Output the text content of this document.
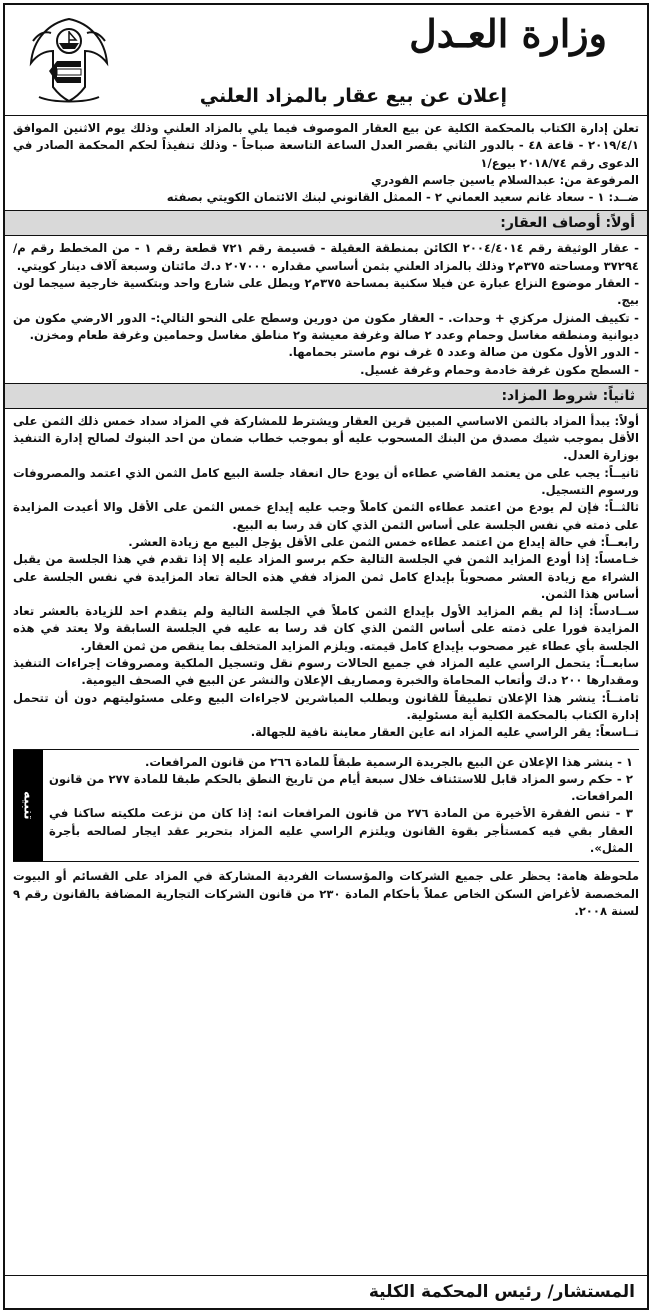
وزارة العـدل
إعلان عن بيع عقار بالمزاد العلني

تعلن إدارة الكتاب بالمحكمة الكلية عن بيع العقار الموصوف فيما يلي بالمزاد العلني وذلك يوم الاثنين الموافق ٢٠١٩/٤/١ - قاعة ٤٨ - بالدور الثاني بقصر العدل الساعة التاسعة صباحاً - وذلك تنفيذاً لحكم المحكمة الصادر في الدعوى رقم ٢٠١٨/٧٤ بيوع/١

المرفوعة من: عبدالسلام ياسين جاسم الفودري

ضــد: ١ - سعاد غانم سعيد العماني ٢ - الممثل القانوني لبنك الائتمان الكويتي بصفته

أولاً: أوصاف العقار:

- عقار الوثيقة رقم ٢٠٠٤/٤٠١٤ الكائن بمنطقة العقيلة - قسيمة رقم ٧٢١ قطعة رقم ١ - من المخطط رقم م/ ٣٧٢٩٤ ومساحته ٣٧٥م٢ وذلك بالمزاد العلني بثمن أساسي مقداره ٢٠٧٠٠٠ د.ك مائتان وسبعة آلاف دينار كويتي.

- العقار موضوع النزاع عبارة عن فيلا سكنية بمساحة ٣٧٥م٢ ويطل على شارع واحد وبتكسية خارجية سيجما لون بيج.

- تكييف المنزل مركزي + وحدات. - العقار مكون من دورين وسطح على النحو التالي:- الدور الارضي مكون من ديوانية ومنطقه مغاسل وحمام وعدد ٢ صالة وغرفة معيشة و٢ مناطق مغاسل وحمامين وغرفة طعام ومخزن.

- الدور الأول مكون من صالة وعدد ٥ غرف نوم ماستر بحمامها.

- السطح مكون غرفة خادمة وحمام وغرفة غسيل.

ثانياً: شروط المزاد:

أولاً: يبدأ المزاد بالثمن الاساسي المبين قرين العقار ويشترط للمشاركة في المزاد سداد خمس ذلك الثمن على الأقل بموجب شيك مصدق من البنك المسحوب عليه أو بموجب خطاب ضمان من احد البنوك لصالح إدارة التنفيذ بوزارة العدل.

ثانيــاً: يجب على من يعتمد القاضي عطاءه أن يودع حال انعقاد جلسة البيع كامل الثمن الذي اعتمد والمصروفات ورسوم التسجيل.

ثالثــاً: فإن لم يودع من اعتمد عطاءه الثمن كاملاً وجب عليه إيداع خمس الثمن على الأقل والا أعيدت المزايدة على ذمته في نفس الجلسة على أساس الثمن الذي كان قد رسا به البيع.

رابعــاً: في حالة إيداع من اعتمد عطاءه خمس الثمن على الأقل يؤجل البيع مع زيادة العشر.

خـامساً: إذا أودع المزايد الثمن في الجلسة التالية حكم برسو المزاد عليه إلا إذا تقدم في هذا الجلسة من يقبل الشراء مع زيادة العشر مصحوباً بإيداع كامل ثمن المزاد ففي هذه الحالة تعاد المزايدة في نفس الجلسة على أساس هذا الثمن.

ســادساً: إذا لم يقم المزايد الأول بإيداع الثمن كاملاً في الجلسة التالية ولم يتقدم احد للزيادة بالعشر تعاد المزايدة فورا على ذمته على أساس الثمن الذي كان قد رسا به عليه في الجلسة السابقة ولا يعتد في هذه الجلسة بأي عطاء غير مصحوب بإيداع كامل قيمته. ويلزم المزايد المتخلف بما ينقص من ثمن العقار.

سابعــاً: يتحمل الراسي عليه المزاد في جميع الحالات رسوم نقل وتسجيل الملكية ومصروفات إجراءات التنفيذ ومقدارها ٢٠٠ د.ك وأتعاب المحاماة والخبرة ومصاريف الإعلان والنشر عن البيع في الصحف اليومية.

ثامنــاً: ينشر هذا الإعلان تطبيقاً للقانون وبطلب المباشرين لاجراءات البيع وعلى مسئوليتهم دون أن تتحمل إدارة الكتاب بالمحكمة الكلية أية مسئولية.

تــاسعاً: يقر الراسي عليه المزاد انه عاين العقار معاينة نافية للجهالة.

١ - ينشر هذا الإعلان عن البيع بالجريدة الرسمية طبقاً للمادة ٢٦٦ من قانون المرافعات.

٢ - حكم رسو المزاد قابل للاستئناف خلال سبعة أيام من تاريخ النطق بالحكم طبقا للمادة ٢٧٧ من قانون المرافعات.

٣ - تنص الفقرة الأخيرة من المادة ٢٧٦ من قانون المرافعات انه: إذا كان من نزعت ملكيته ساكنا في العقار بقي فيه كمستأجر بقوة القانون ويلتزم الراسي عليه المزاد بتحرير عقد ايجار لصالحه بأجرة المثل».

تنبيه
ملحوظة هامة: يحظر على جميع الشركات والمؤسسات الفردية المشاركة في المزاد على القسائم أو البيوت المخصصة لأغراض السكن الخاص عملاً بأحكام المادة ٢٣٠ من قانون الشركات التجارية المضافة بالقانون رقم ٩ لسنة ٢٠٠٨.
المستشار/ رئيس المحكمة الكلية
